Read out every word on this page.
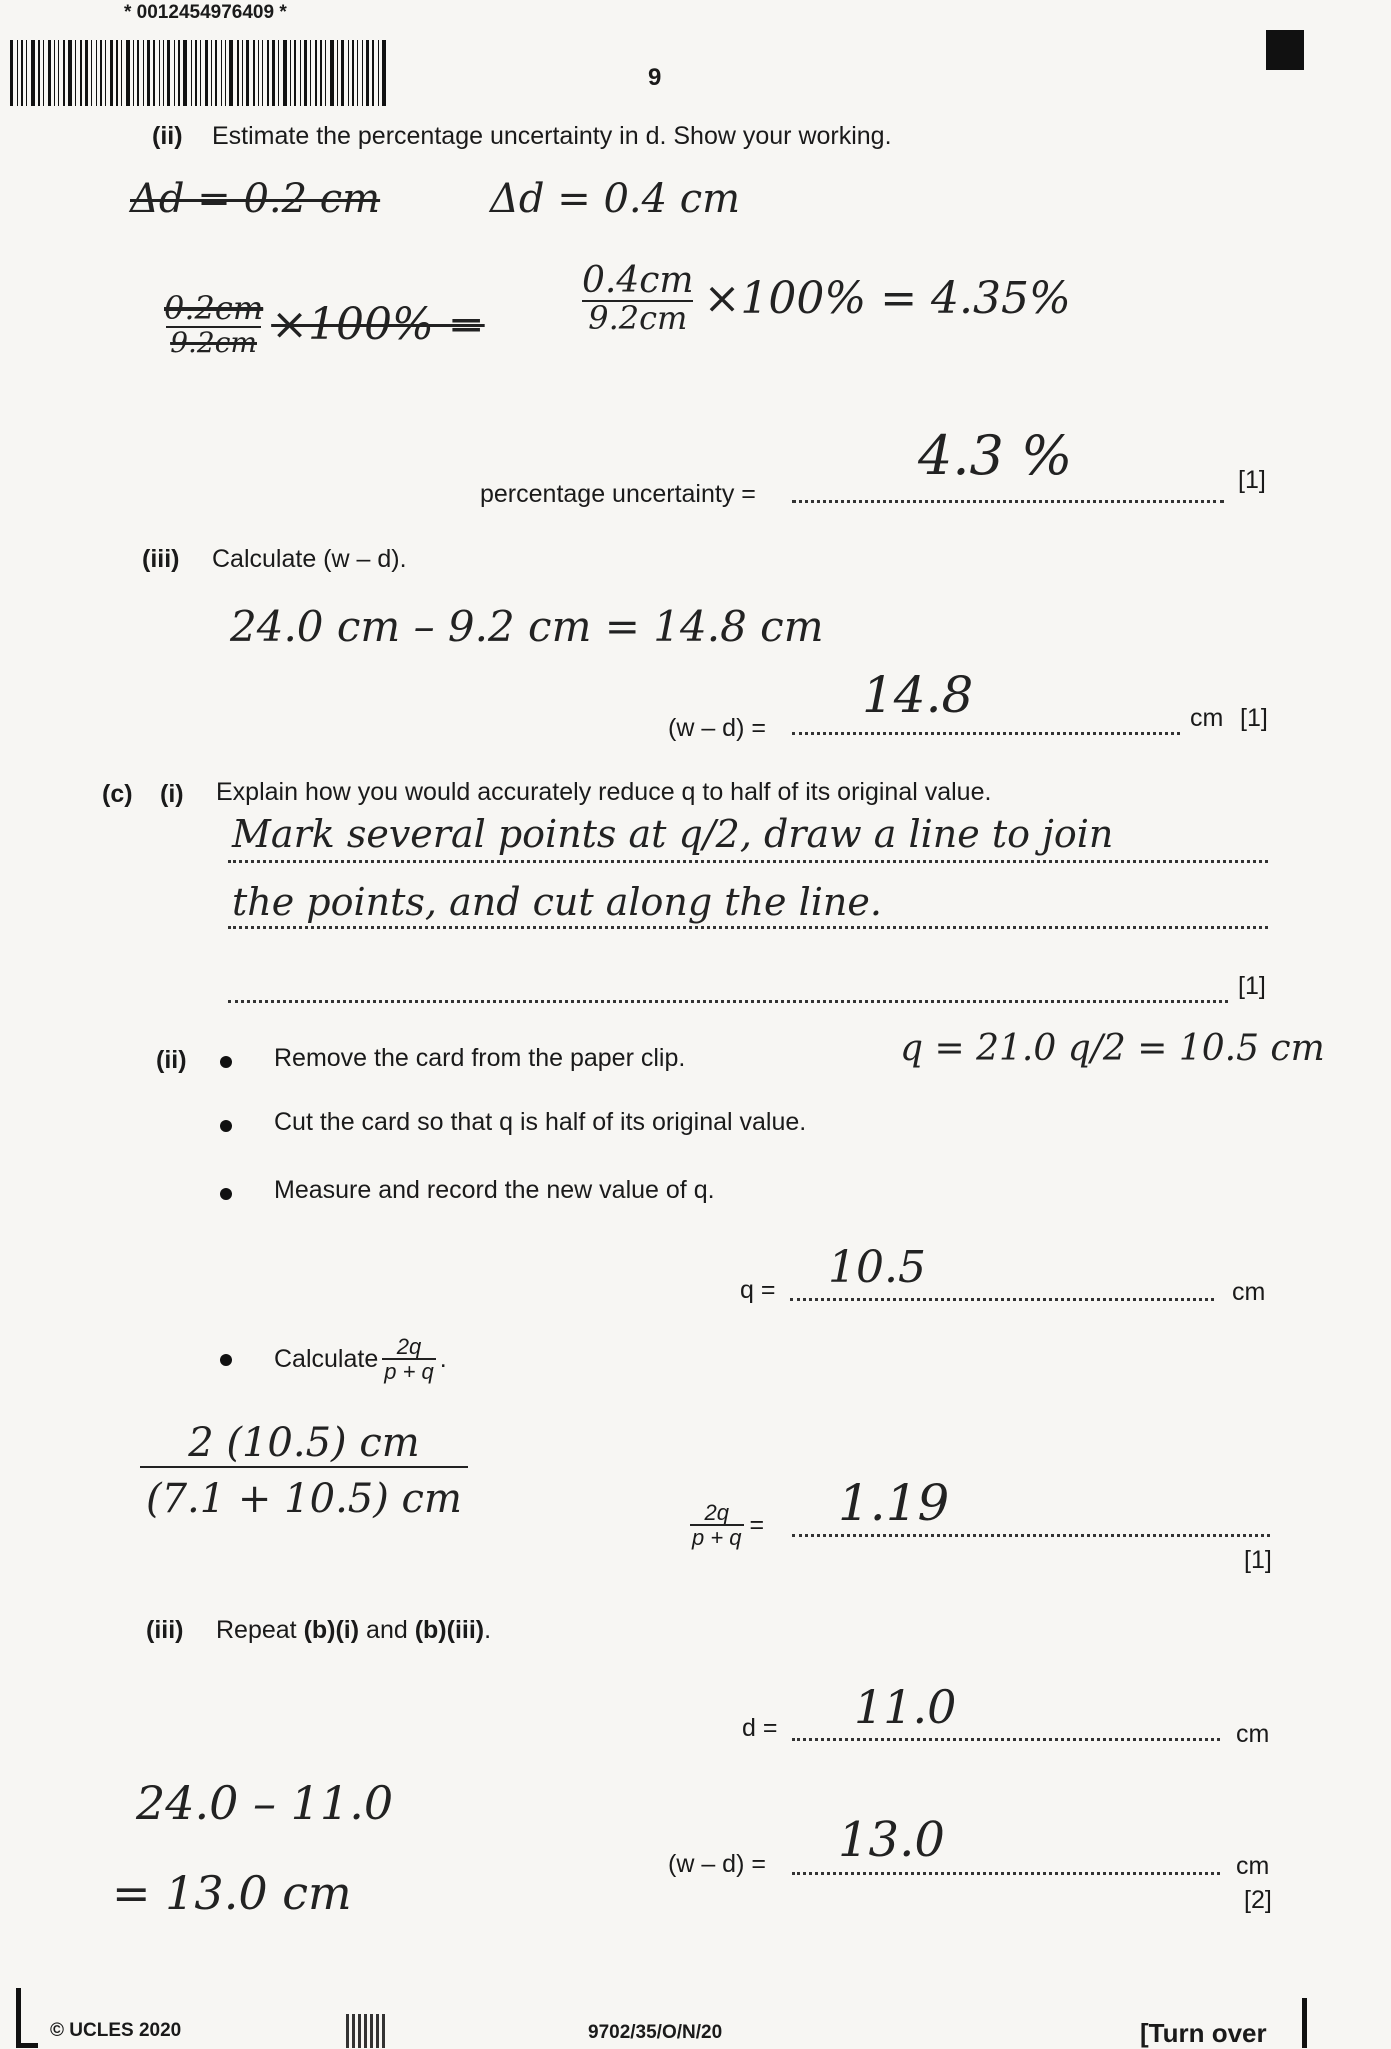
* 0012454976409 *
9
(ii) Estimate the percentage uncertainty in d. Show your working.
Δd = 0.2 cm	Δd = 0.4 cm
$\frac{0.2cm}{9.2cm} \times 100\%$ =	$\frac{0.4cm}{9.2cm} \times 100\% = 4.35\%$
percentage uncertainty =
4.3 %	[1]
(iii) Calculate (w – d).
24.0 cm – 9.2 cm = 14.8 cm
(w – d) =
14.8	cm [1]
(c) (i) Explain how you would accurately reduce q to half of its original value.
Mark several points at q/2, draw a line to join
the points, and cut along the line.
[1]
(ii)	Remove the card from the paper clip.	q = 21.0 q/2 = 10.5 cm
Cut the card so that q is half of its original value.
Measure and record the new value of q.
q = 10.5	cm
Calculate $\frac{2q}{p + q}$ .
$\frac{2 (10.5) cm}{(7.1 + 10.5) cm}$
$\frac{2q}{p + q} = 1.19$
[1]
(iii) Repeat (b)(i) and (b)(iii).
d = 11.0	cm
24.0 – 11.0
= 13.0 cm
(w – d) = 13.0	cm
[2]
© UCLES 2020	9702/35/O/N/20	[Turn over
